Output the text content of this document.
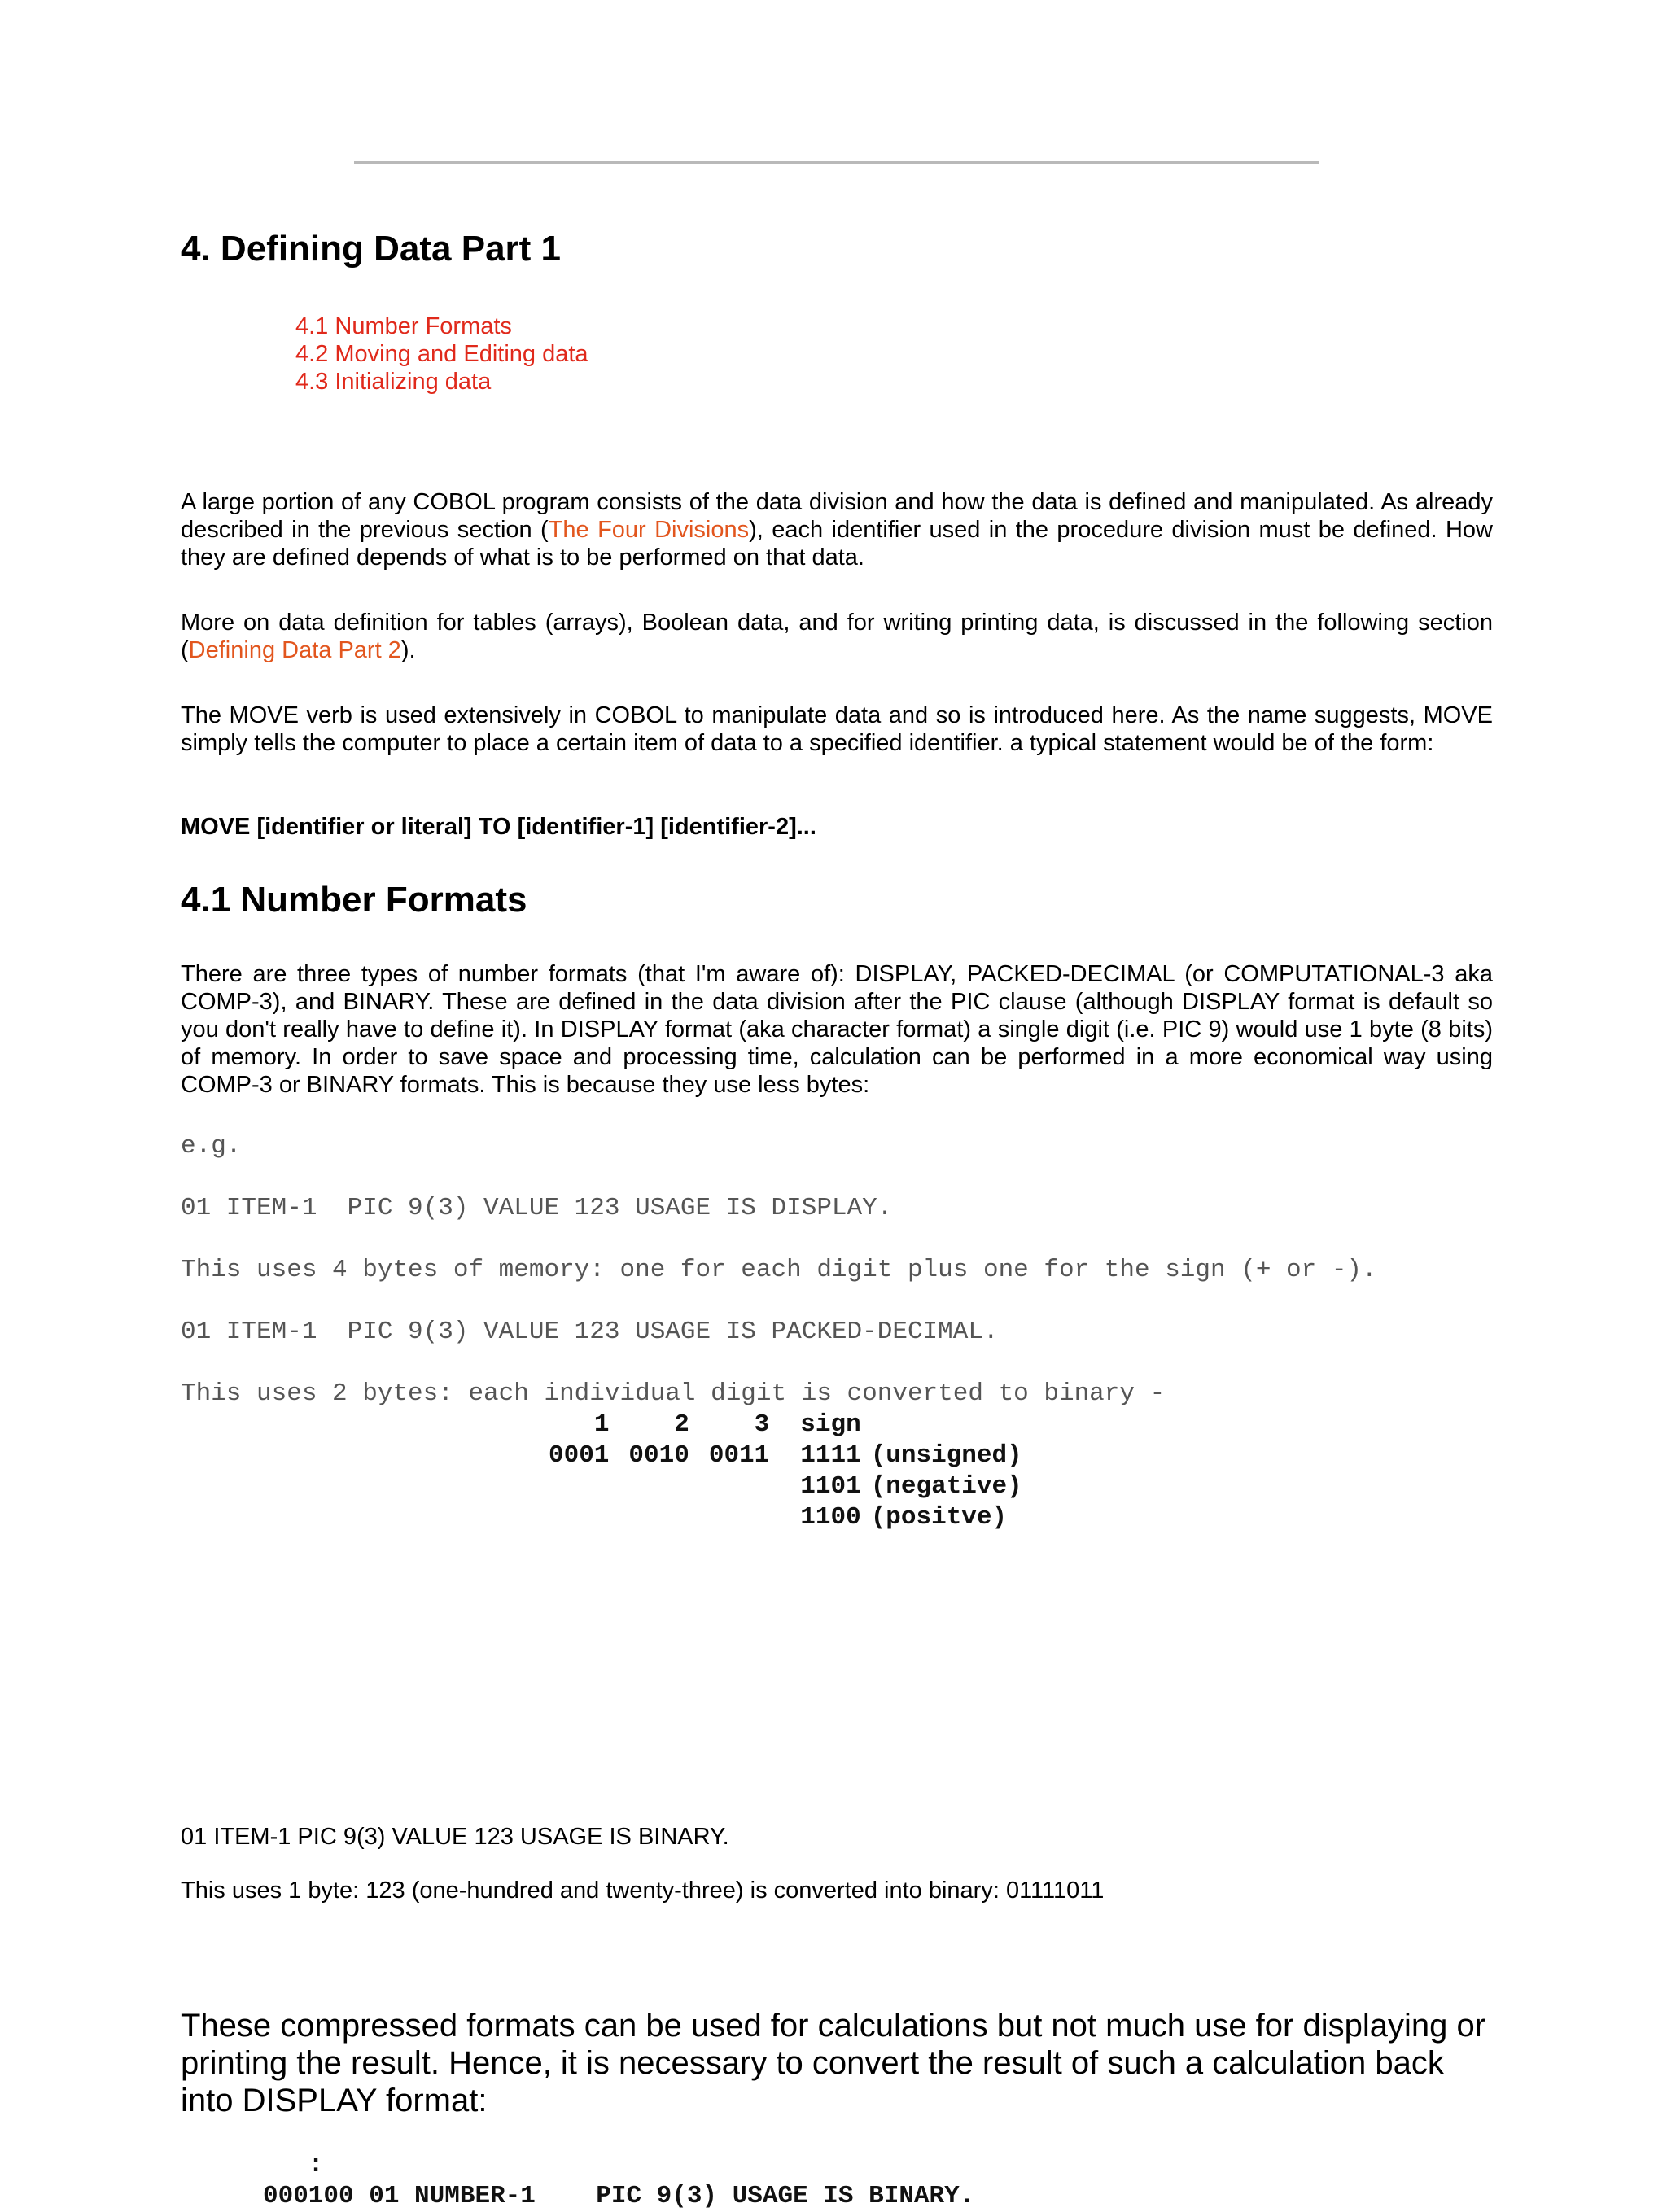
4. Defining Data Part 1
4.1 Number Formats
4.2 Moving and Editing data
4.3 Initializing data

A large portion of any COBOL program consists of the data division and how the data is defined and manipulated. As already described in the previous section (The Four Divisions), each identifier used in the procedure division must be defined. How they are defined depends of what is to be performed on that data.

More on data definition for tables (arrays), Boolean data, and for writing printing data, is discussed in the following section (Defining Data Part 2).

The MOVE verb is used extensively in COBOL to manipulate data and so is introduced here. As the name suggests, MOVE simply tells the computer to place a certain item of data to a specified identifier. a typical statement would be of the form:

MOVE [identifier or literal] TO [identifier-1] [identifier-2]...

4.1 Number Formats

There are three types of number formats (that I'm aware of): DISPLAY, PACKED-DECIMAL (or COMPUTATIONAL-3 aka COMP-3), and BINARY. These are defined in the data division after the PIC clause (although DISPLAY format is default so you don't really have to define it). In DISPLAY format (aka character format) a single digit (i.e. PIC 9) would use 1 byte (8 bits) of memory. In order to save space and processing time, calculation can be performed in a more economical way using COMP-3 or BINARY formats. This is because they use less bytes:

e.g.

01 ITEM-1  PIC 9(3) VALUE 123 USAGE IS DISPLAY.

This uses 4 bytes of memory: one for each digit plus one for the sign (+ or -).

01 ITEM-1  PIC 9(3) VALUE 123 USAGE IS PACKED-DECIMAL.

This uses 2 bytes: each individual digit is converted to binary -

1	2	3	sign	
0001	0010	0011	1111	(unsigned)
			1101	(negative)
			1100	(positve)

01 ITEM-1 PIC 9(3) VALUE 123 USAGE IS BINARY.

This uses 1 byte: 123 (one-hundred and twenty-three) is converted into binary: 01111011

These compressed formats can be used for calculations but not much use for displaying or printing the result. Hence, it is necessary to convert the result of such a calculation back into DISPLAY format:

:

000100 01 NUMBER-1    PIC 9(3) USAGE IS BINARY.
